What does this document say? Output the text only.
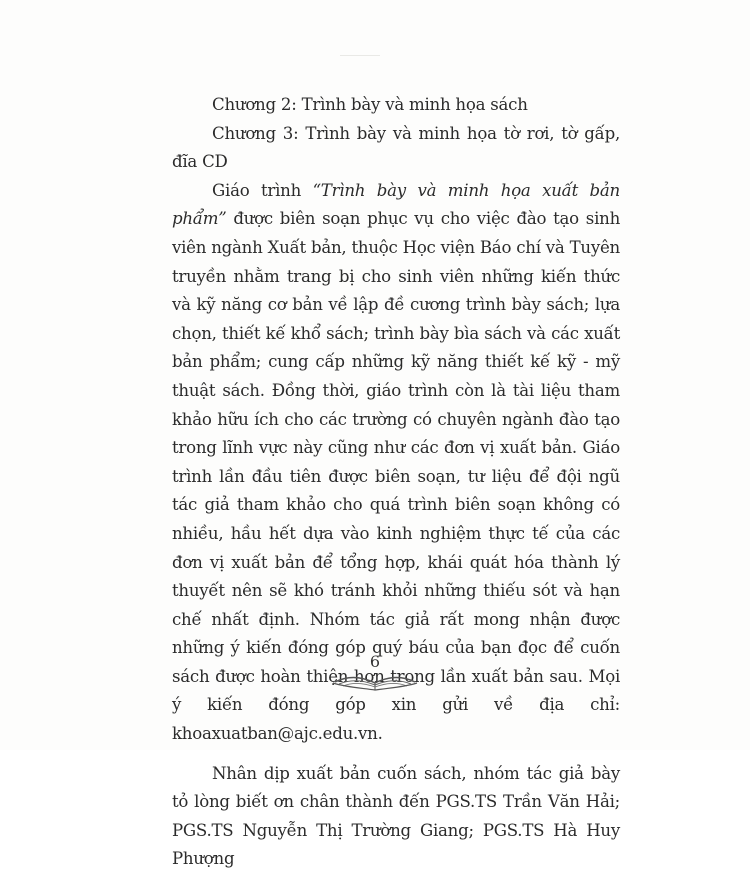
Chương 2: Trình bày và minh họa sách

Chương 3: Trình bày và minh họa tờ rơi, tờ gấp, đĩa CD

Giáo trình “Trình bày và minh họa xuất bản phẩm” được biên soạn phục vụ cho việc đào tạo sinh viên ngành Xuất bản, thuộc Học viện Báo chí và Tuyên truyền nhằm trang bị cho sinh viên những kiến thức và kỹ năng cơ bản về lập đề cương trình bày sách; lựa chọn, thiết kế khổ sách; trình bày bìa sách và các xuất bản phẩm; cung cấp những kỹ năng thiết kế kỹ - mỹ thuật sách. Đồng thời, giáo trình còn là tài liệu tham khảo hữu ích cho các trường có chuyên ngành đào tạo trong lĩnh vực này cũng như các đơn vị xuất bản. Giáo trình lần đầu tiên được biên soạn, tư liệu để đội ngũ tác giả tham khảo cho quá trình biên soạn không có nhiều, hầu hết dựa vào kinh nghiệm thực tế của các đơn vị xuất bản để tổng hợp, khái quát hóa thành lý thuyết nên sẽ khó tránh khỏi những thiếu sót và hạn chế nhất định. Nhóm tác giả rất mong nhận được những ý kiến đóng góp quý báu của bạn đọc để cuốn sách được hoàn thiện hơn trong lần xuất bản sau. Mọi ý kiến đóng góp xin gửi về địa chỉ: khoaxuatban@ajc.edu.vn.

Nhân dịp xuất bản cuốn sách, nhóm tác giả bày tỏ lòng biết ơn chân thành đến PGS.TS Trần Văn Hải; PGS.TS Nguyễn Thị Trường Giang; PGS.TS Hà Huy Phượng

6
